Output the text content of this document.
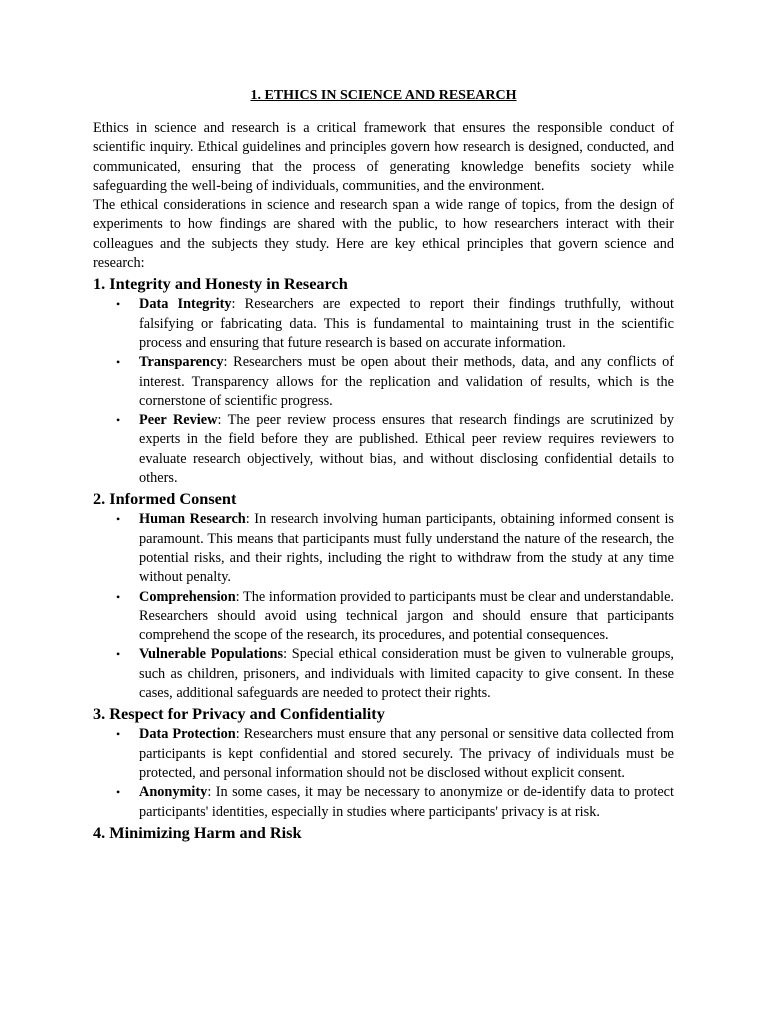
1. ETHICS IN SCIENCE AND RESEARCH

Ethics in science and research is a critical framework that ensures the responsible conduct of scientific inquiry. Ethical guidelines and principles govern how research is designed, conducted, and communicated, ensuring that the process of generating knowledge benefits society while safeguarding the well-being of individuals, communities, and the environment.

The ethical considerations in science and research span a wide range of topics, from the design of experiments to how findings are shared with the public, to how researchers interact with their colleagues and the subjects they study. Here are key ethical principles that govern science and research:

1. Integrity and Honesty in Research
• Data Integrity: Researchers are expected to report their findings truthfully, without falsifying or fabricating data. This is fundamental to maintaining trust in the scientific process and ensuring that future research is based on accurate information.
• Transparency: Researchers must be open about their methods, data, and any conflicts of interest. Transparency allows for the replication and validation of results, which is the cornerstone of scientific progress.
• Peer Review: The peer review process ensures that research findings are scrutinized by experts in the field before they are published. Ethical peer review requires reviewers to evaluate research objectively, without bias, and without disclosing confidential details to others.
2. Informed Consent
• Human Research: In research involving human participants, obtaining informed consent is paramount. This means that participants must fully understand the nature of the research, the potential risks, and their rights, including the right to withdraw from the study at any time without penalty.
• Comprehension: The information provided to participants must be clear and understandable. Researchers should avoid using technical jargon and should ensure that participants comprehend the scope of the research, its procedures, and potential consequences.
• Vulnerable Populations: Special ethical consideration must be given to vulnerable groups, such as children, prisoners, and individuals with limited capacity to give consent. In these cases, additional safeguards are needed to protect their rights.
3. Respect for Privacy and Confidentiality
• Data Protection: Researchers must ensure that any personal or sensitive data collected from participants is kept confidential and stored securely. The privacy of individuals must be protected, and personal information should not be disclosed without explicit consent.
• Anonymity: In some cases, it may be necessary to anonymize or de-identify data to protect participants' identities, especially in studies where participants' privacy is at risk.
4. Minimizing Harm and Risk
